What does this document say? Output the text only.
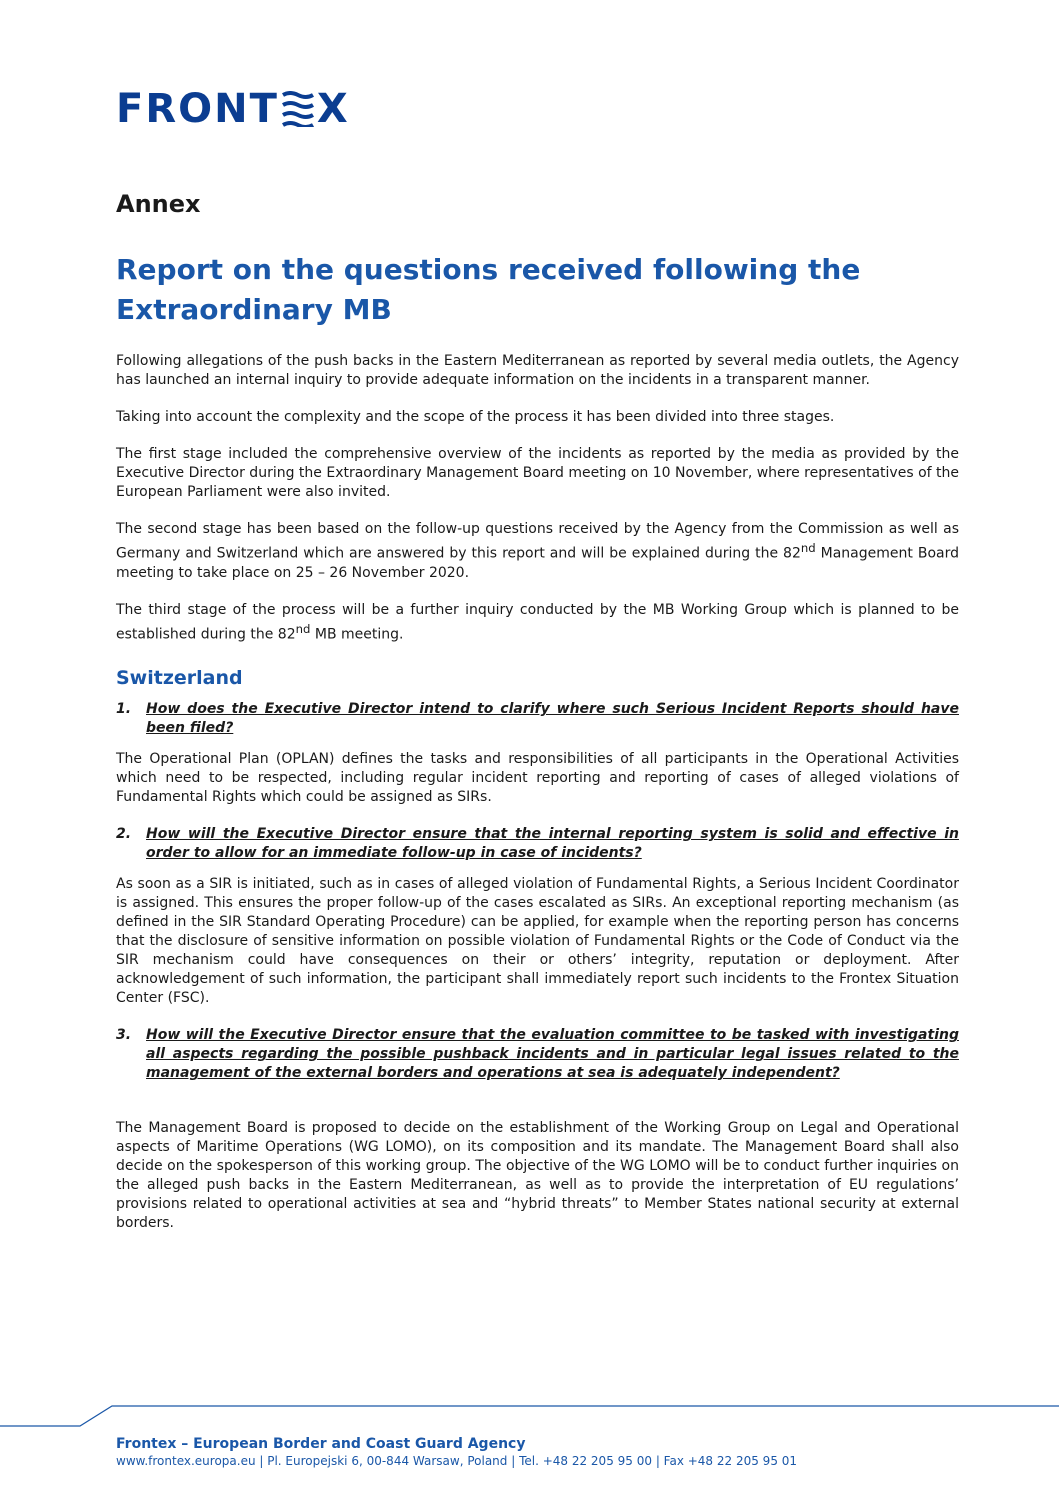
FRONT X
Annex
Report on the questions received following the Extraordinary MB

Following allegations of the push backs in the Eastern Mediterranean as reported by several media outlets, the Agency has launched an internal inquiry to provide adequate information on the incidents in a transparent manner.

Taking into account the complexity and the scope of the process it has been divided into three stages.

The first stage included the comprehensive overview of the incidents as reported by the media as provided by the Executive Director during the Extraordinary Management Board meeting on 10 November, where representatives of the European Parliament were also invited.

The second stage has been based on the follow-up questions received by the Agency from the Commission as well as Germany and Switzerland which are answered by this report and will be explained during the 82nd Management Board meeting to take place on 25 – 26 November 2020.

The third stage of the process will be a further inquiry conducted by the MB Working Group which is planned to be established during the 82nd MB meeting.

Switzerland
1.	How does the Executive Director intend to clarify where such Serious Incident Reports should have been filed?

The Operational Plan (OPLAN) defines the tasks and responsibilities of all participants in the Operational Activities which need to be respected, including regular incident reporting and reporting of cases of alleged violations of Fundamental Rights which could be assigned as SIRs.

2.	How will the Executive Director ensure that the internal reporting system is solid and effective in order to allow for an immediate follow-up in case of incidents?

As soon as a SIR is initiated, such as in cases of alleged violation of Fundamental Rights, a Serious Incident Coordinator is assigned. This ensures the proper follow-up of the cases escalated as SIRs. An exceptional reporting mechanism (as defined in the SIR Standard Operating Procedure) can be applied, for example when the reporting person has concerns that the disclosure of sensitive information on possible violation of Fundamental Rights or the Code of Conduct via the SIR mechanism could have consequences on their or others’ integrity, reputation or deployment. After acknowledgement of such information, the participant shall immediately report such incidents to the Frontex Situation Center (FSC).

3.	How will the Executive Director ensure that the evaluation committee to be tasked with investigating all aspects regarding the possible pushback incidents and in particular legal issues related to the management of the external borders and operations at sea is adequately independent?

The Management Board is proposed to decide on the establishment of the Working Group on Legal and Operational aspects of Maritime Operations (WG LOMO), on its composition and its mandate. The Management Board shall also decide on the spokesperson of this working group. The objective of the WG LOMO will be to conduct further inquiries on the alleged push backs in the Eastern Mediterranean, as well as to provide the interpretation of EU regulations’ provisions related to operational activities at sea and “hybrid threats” to Member States national security at external borders.

Frontex – European Border and Coast Guard Agency
www.frontex.europa.eu | Pl. Europejski 6, 00-844 Warsaw, Poland | Tel. +48 22 205 95 00 | Fax +48 22 205 95 01
